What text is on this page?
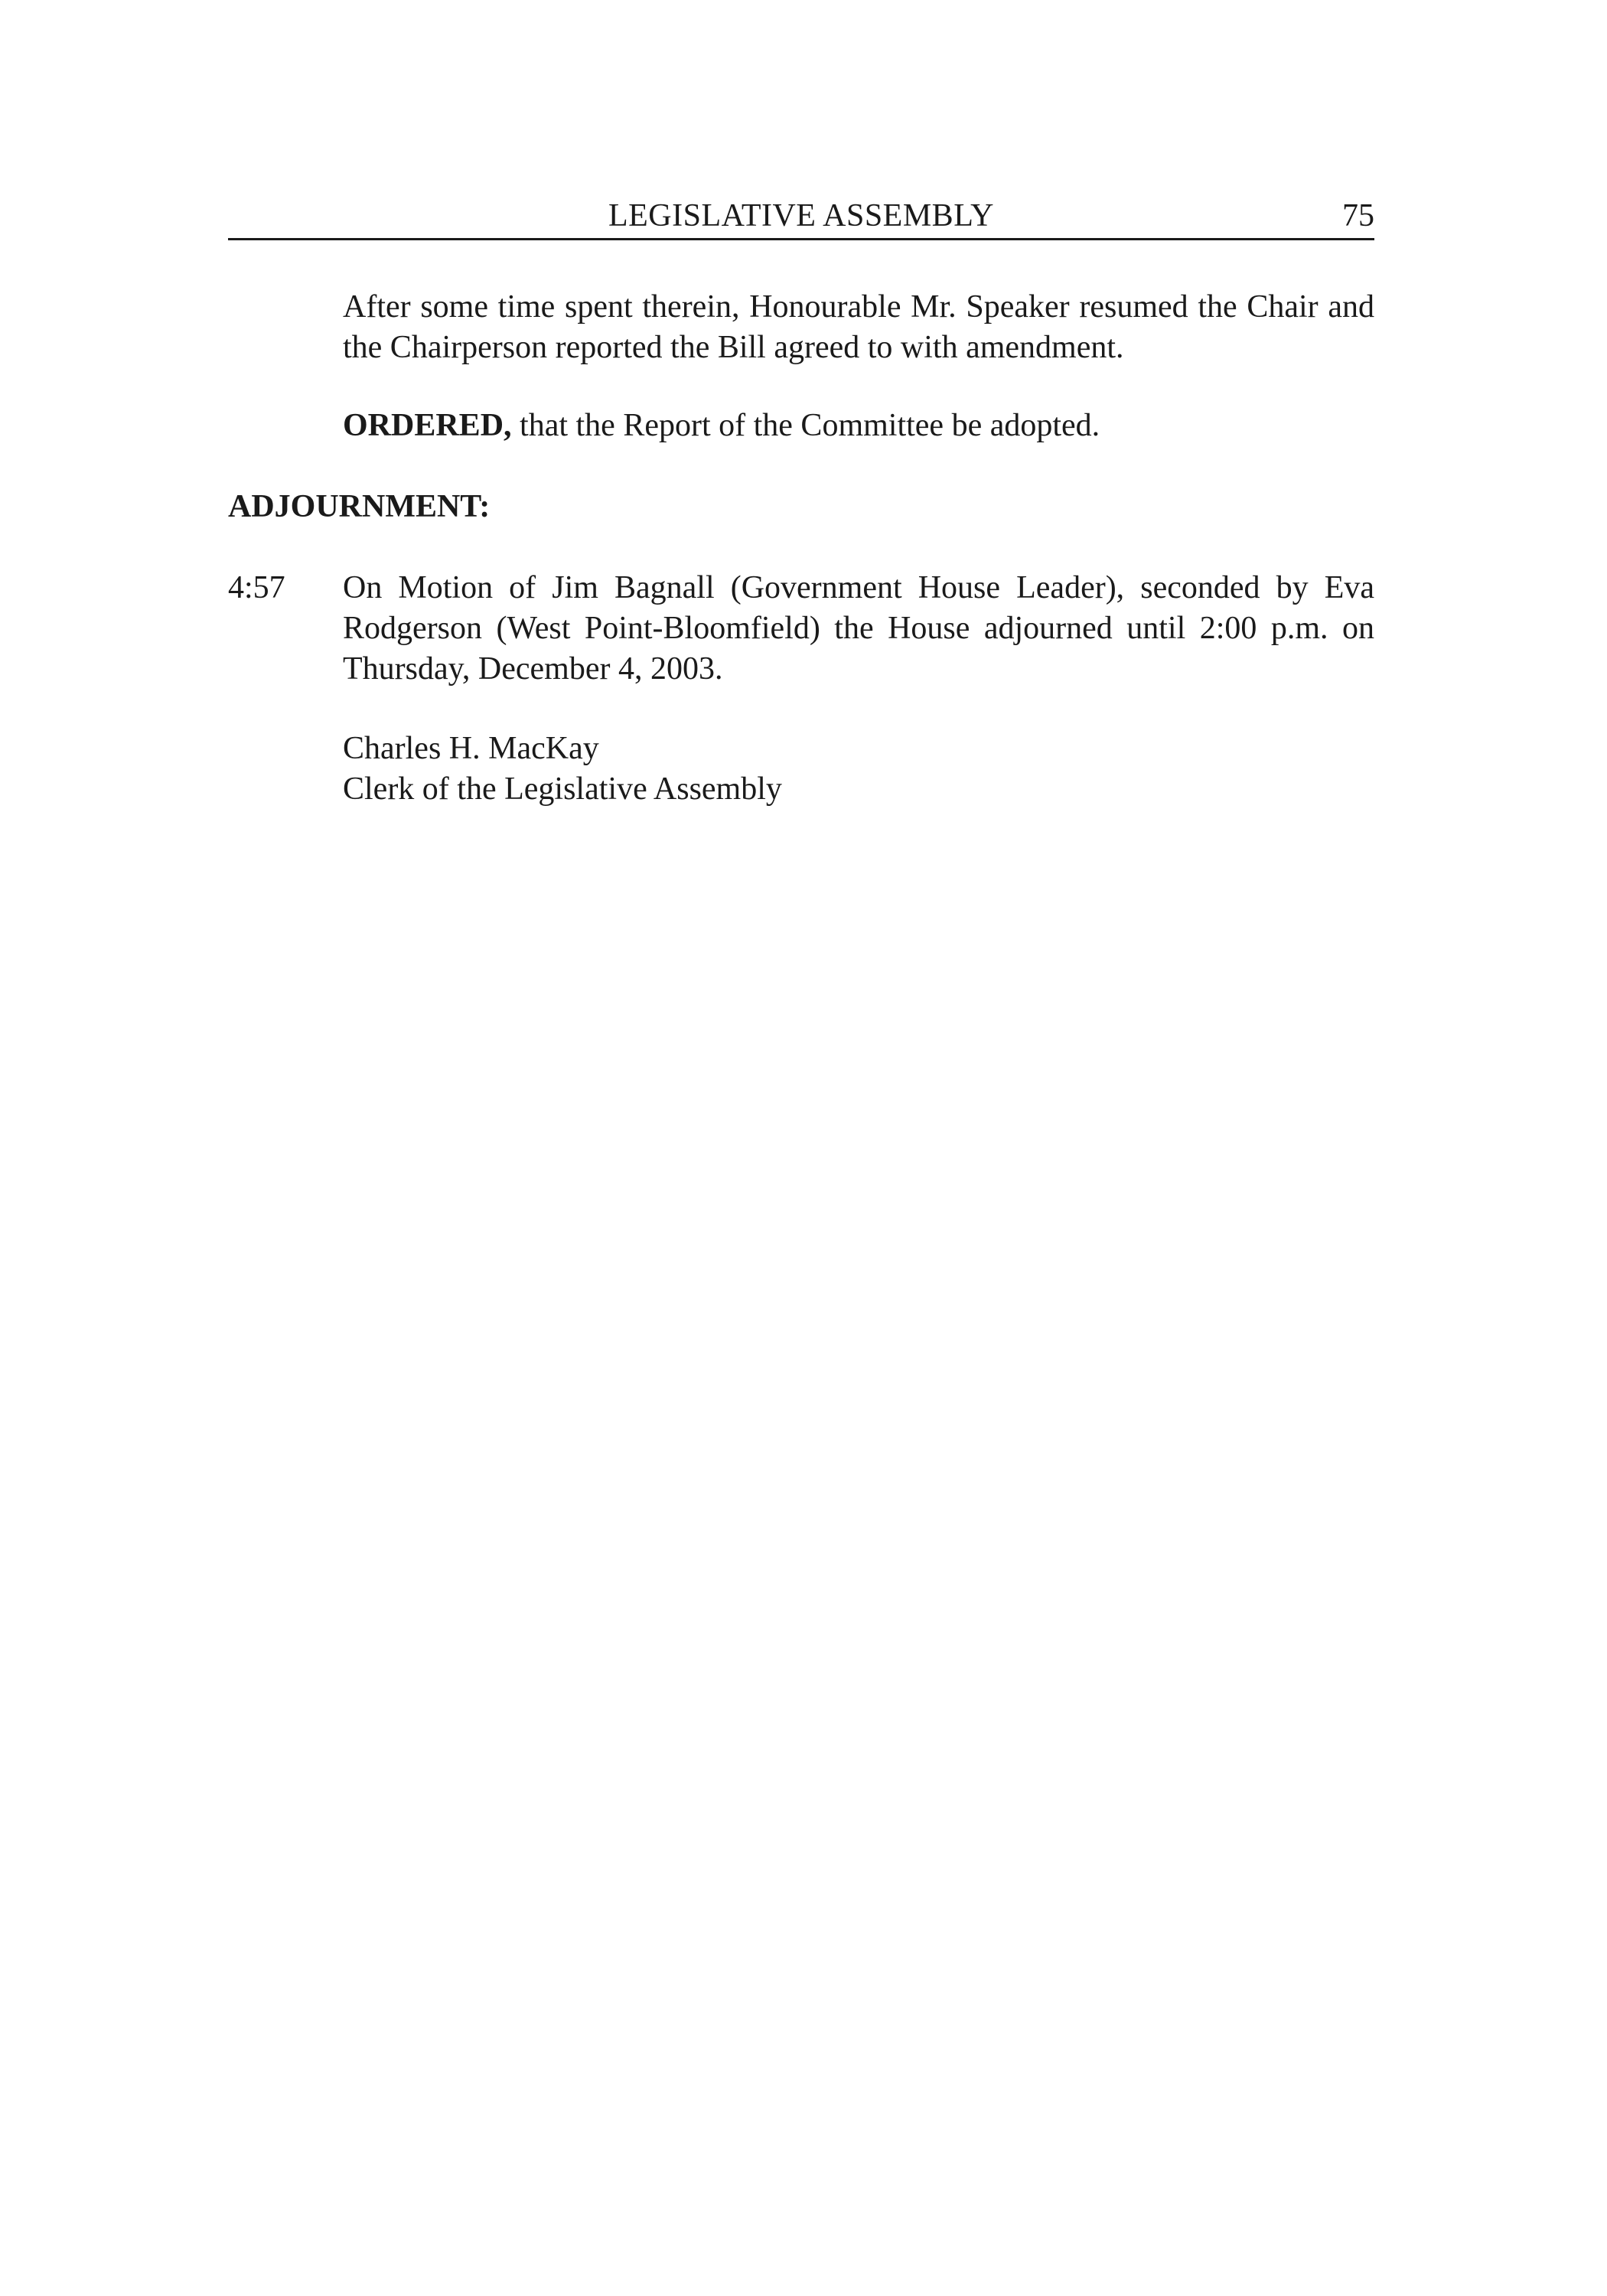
LEGISLATIVE ASSEMBLY	75

After some time spent therein, Honourable Mr. Speaker resumed the Chair and the Chairperson reported the Bill agreed to with amendment.

ORDERED, that the Report of the Committee be adopted.

ADJOURNMENT:
4:57 On Motion of Jim Bagnall (Government House Leader), seconded by Eva Rodgerson (West Point-Bloomfield) the House adjourned until 2:00 p.m. on Thursday, December 4, 2003.

Charles H. MacKay
Clerk of the Legislative Assembly
